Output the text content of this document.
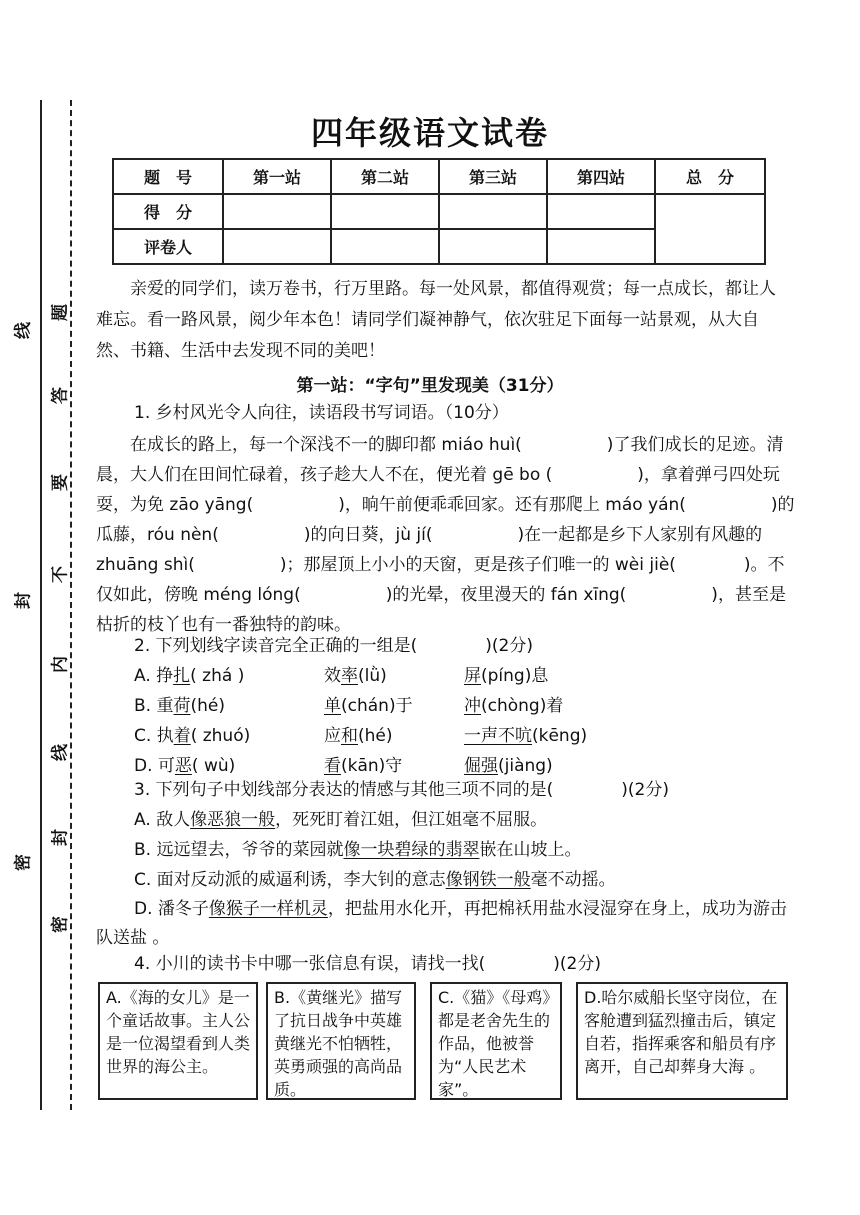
线
题
答
封
要
不
内
线
封
密
密
四年级语文试卷
题　号	第一站	第二站	第三站	第四站	总　分
得　分					
评卷人					
亲爱的同学们，读万卷书，行万里路。每一处风景，都值得观赏；每一点成长，都让人难忘。看一路风景，阅少年本色！请同学们凝神静气，依次驻足下面每一站景观，从大自然、书籍、生活中去发现不同的美吧！
第一站：“字句”里发现美（31分）
1. 乡村风光令人向往，读语段书写词语。（10分）
在成长的路上，每一个深浅不一的脚印都 miáo huì(　　　　　)了我们成长的足迹。清晨，大人们在田间忙碌着，孩子趁大人不在，便光着 gē bo (　　　　　)，拿着弹弓四处玩耍，为免 zāo yāng(　　　　　)，晌午前便乖乖回家。还有那爬上 máo yán(　　　　　)的瓜藤，róu nèn(　　　　　)的向日葵，jù jí(　　　　　)在一起都是乡下人家别有风趣的 zhuāng shì(　　　　　)；那屋顶上小小的天窗，更是孩子们唯一的 wèi jiè(　　　　)。不仅如此，傍晚 méng lóng(　　　　　)的光晕，夜里漫天的 fán xīng(　　　　　)，甚至是枯折的枝丫也有一番独特的韵味。
2. 下列划线字读音完全正确的一组是(　　　　)(2分)
A. 挣扎( zhá )	效率(lǜ)	屏(píng)息
B. 重荷(hé)	单(chán)于	冲(chòng)着
C. 执着( zhuó)	应和(hé)	一声不吭(kēng)
D. 可恶( wù)	看(kān)守	倔强(jiàng)
3. 下列句子中划线部分表达的情感与其他三项不同的是(　　　　)(2分)
A. 敌人像恶狼一般，死死盯着江姐，但江姐毫不屈服。
B. 远远望去，爷爷的菜园就像一块碧绿的翡翠嵌在山坡上。
C. 面对反动派的威逼利诱，李大钊的意志像钢铁一般毫不动摇。
D. 潘冬子像猴子一样机灵，把盐用水化开，再把棉袄用盐水浸湿穿在身上，成功为游击队送盐 。
4. 小川的读书卡中哪一张信息有误，请找一找(　　　　)(2分)
A.《海的女儿》是一个童话故事。主人公是一位渴望看到人类世界的海公主。
B.《黄继光》描写了抗日战争中英雄黄继光不怕牺牲，英勇顽强的高尚品质。
C.《猫》《母鸡》都是老舍先生的作品，他被誉为“人民艺术家”。
D.哈尔威船长坚守岗位，在客舱遭到猛烈撞击后，镇定自若，指挥乘客和船员有序离开，自己却葬身大海 。
